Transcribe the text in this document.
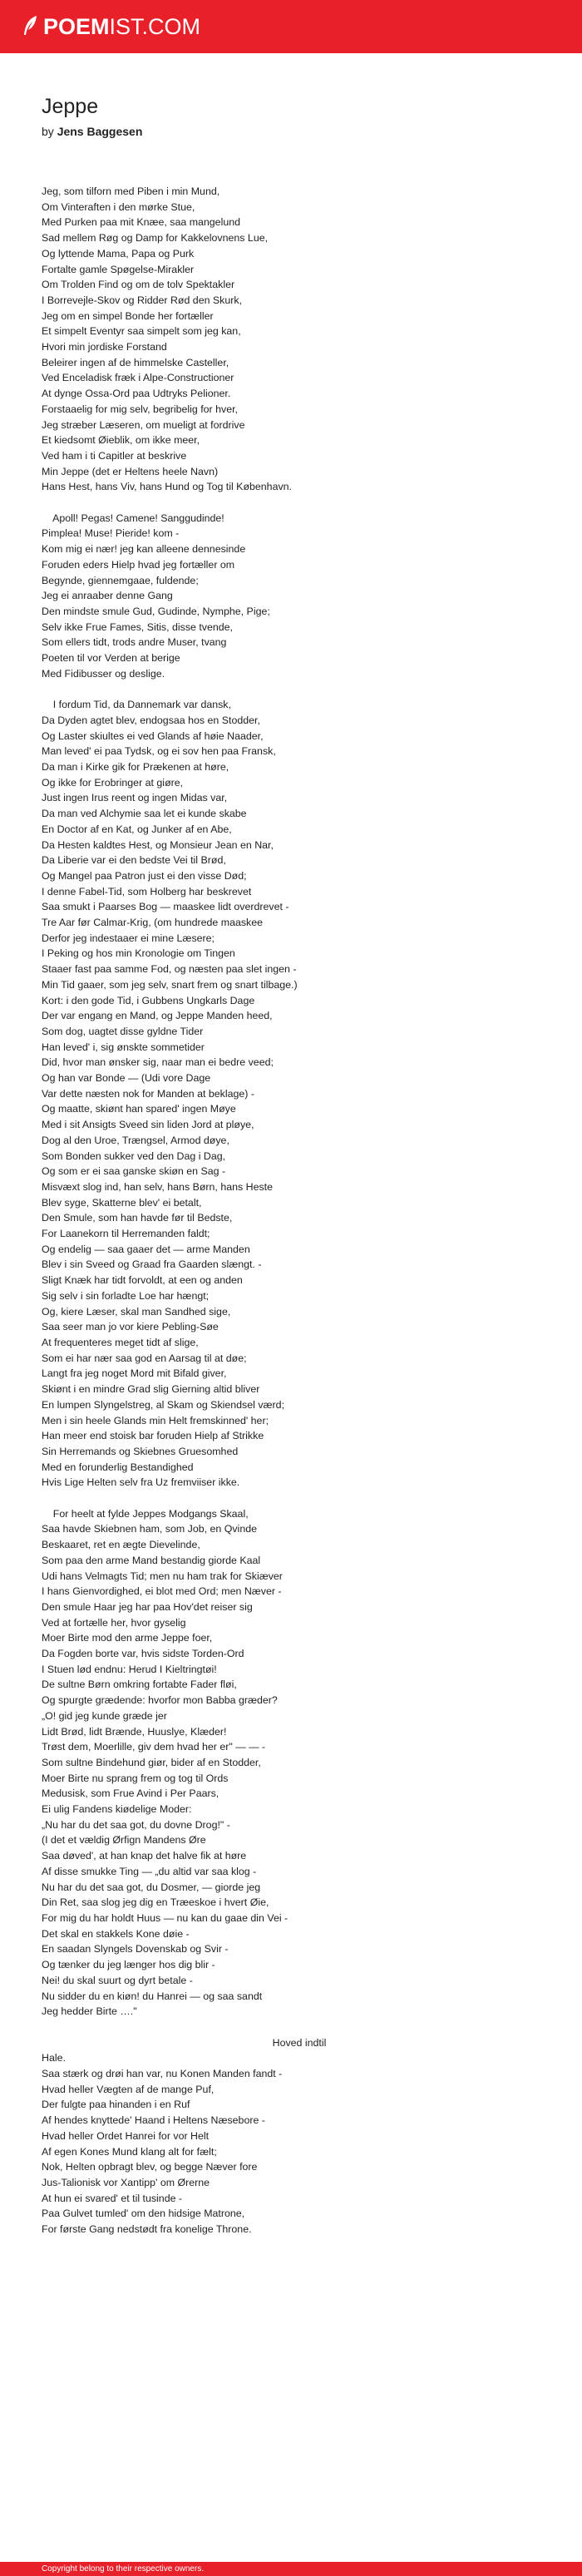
POEMIST.COM
Jeppe
by Jens Baggesen
Jeg, som tilforn med Piben i min Mund,
Om Vinteraften i den mørke Stue,
Med Purken paa mit Knæe, saa mangelund
Sad mellem Røg og Damp for Kakkelovnens Lue,
Og lyttende Mama, Papa og Purk
Fortalte gamle Spøgelse-Mirakler
Om Trolden Find og om de tolv Spektakler
I Borrevejle-Skov og Ridder Rød den Skurk,
Jeg om en simpel Bonde her fortæller
Et simpelt Eventyr saa simpelt som jeg kan,
Hvori min jordiske Forstand
Beleirer ingen af de himmelske Casteller,
Ved Enceladisk fræk i Alpe-Constructioner
At dynge Ossa-Ord paa Udtryks Pelioner.
Forstaaelig for mig selv, begribelig for hver,
Jeg stræber Læseren, om mueligt at fordrive
Et kiedsomt Øieblik, om ikke meer,
Ved ham i ti Capitler at beskrive
Min Jeppe (det er Heltens heele Navn)
Hans Hest, hans Viv, hans Hund og Tog til København.
Apoll! Pegas! Camene! Sanggudinde!
Pimplea! Muse! Pieride! kom -
Kom mig ei nær! jeg kan alleene dennesinde
Foruden eders Hielp hvad jeg fortæller om
Begynde, giennemgaae, fuldende;
Jeg ei anraaber denne Gang
Den mindste smule Gud, Gudinde, Nymphe, Pige;
Selv ikke Frue Fames, Sitis, disse tvende,
Som ellers tidt, trods andre Muser, tvang
Poeten til vor Verden at berige
Med Fidibusser og deslige.
I fordum Tid, da Dannemark var dansk,
Da Dyden agtet blev, endogsaa hos en Stodder,
Og Laster skiultes ei ved Glands af høie Naader,
Man leved' ei paa Tydsk, og ei sov hen paa Fransk,
Da man i Kirke gik for Prækenen at høre,
Og ikke for Erobringer at giøre,
Just ingen Irus reent og ingen Midas var,
Da man ved Alchymie saa let ei kunde skabe
En Doctor af en Kat, og Junker af en Abe,
Da Hesten kaldtes Hest, og Monsieur Jean en Nar,
Da Liberie var ei den bedste Vei til Brød,
Og Mangel paa Patron just ei den visse Død;
I denne Fabel-Tid, som Holberg har beskrevet
Saa smukt i Paarses Bog — maaskee lidt overdrevet -
Tre Aar før Calmar-Krig, (om hundrede maaskee
Derfor jeg indestaaer ei mine Læsere;
I Peking og hos min Kronologie om Tingen
Staaer fast paa samme Fod, og næsten paa slet ingen -
Min Tid gaaer, som jeg selv, snart frem og snart tilbage.)
Kort: i den gode Tid, i Gubbens Ungkarls Dage
Der var engang en Mand, og Jeppe Manden heed,
Som dog, uagtet disse gyldne Tider
Han leved' i, sig ønskte sommetider
Did, hvor man ønsker sig, naar man ei bedre veed;
Og han var Bonde — (Udi vore Dage
Var dette næsten nok for Manden at beklage) -
Og maatte, skiønt han spared' ingen Møye
Med i sit Ansigts Sveed sin liden Jord at pløye,
Dog al den Uroe, Trængsel, Armod døye,
Som Bonden sukker ved den Dag i Dag,
Og som er ei saa ganske skiøn en Sag -
Misvæxt slog ind, han selv, hans Børn, hans Heste
Blev syge, Skatterne blev' ei betalt,
Den Smule, som han havde før til Bedste,
For Laanekorn til Herremanden faldt;
Og endelig — saa gaaer det — arme Manden
Blev i sin Sveed og Graad fra Gaarden slængt. -
Sligt Knæk har tidt forvoldt, at een og anden
Sig selv i sin forladte Loe har hængt;
Og, kiere Læser, skal man Sandhed sige,
Saa seer man jo vor kiere Pebling-Søe
At frequenteres meget tidt af slige,
Som ei har nær saa god en Aarsag til at døe;
Langt fra jeg noget Mord mit Bifald giver,
Skiønt i en mindre Grad slig Gierning altid bliver
En lumpen Slyngelstreg, al Skam og Skiendsel værd;
Men i sin heele Glands min Helt fremskinned' her;
Han meer end stoisk bar foruden Hielp af Strikke
Sin Herremands og Skiebnes Gruesomhed
Med en forunderlig Bestandighed
Hvis Lige Helten selv fra Uz fremviiser ikke.
For heelt at fylde Jeppes Modgangs Skaal,
Saa havde Skiebnen ham, som Job, en Qvinde
Beskaaret, ret en ægte Dievelinde,
Som paa den arme Mand bestandig giorde Kaal
Udi hans Velmagts Tid; men nu ham trak for Skiæver
I hans Gienvordighed, ei blot med Ord; men Næver -
Den smule Haar jeg har paa Hov'det reiser sig
Ved at fortælle her, hvor gyselig
Moer Birte mod den arme Jeppe foer,
Da Fogden borte var, hvis sidste Torden-Ord
I Stuen lød endnu: Herud I Kieltringtøi!
De sultne Børn omkring fortabte Fader fløi,
Og spurgte grædende: hvorfor mon Babba græder?
„O! gid jeg kunde græde jer
Lidt Brød, lidt Brænde, Huuslye, Klæder!
Trøst dem, Moerlille, giv dem hvad her er" — — -
Som sultne Bindehund giør, bider af en Stodder,
Moer Birte nu sprang frem og tog til Ords
Medusisk, som Frue Avind i Per Paars,
Ei ulig Fandens kiødelige Moder:
„Nu har du det saa got, du dovne Drog!" -
(I det et vældig Ørfign Mandens Øre
Saa døved', at han knap det halve fik at høre
Af disse smukke Ting — „du altid var saa klog -
Nu har du det saa got, du Dosmer, — giorde jeg
Din Ret, saa slog jeg dig en Træeskoe i hvert Øie,
For mig du har holdt Huus — nu kan du gaae din Vei -
Det skal en stakkels Kone døie -
En saadan Slyngels Dovenskab og Svir -
Og tænker du jeg længer hos dig blir -
Nei! du skal suurt og dyrt betale -
Nu sidder du en kiøn! du Hanrei — og saa sandt
Jeg hedder Birte …."
Hoved indtil
Hale.
Saa stærk og drøi han var, nu Konen Manden fandt -
Hvad heller Vægten af de mange Puf,
Der fulgte paa hinanden i en Ruf
Af hendes knyttede' Haand i Heltens Næsebore -
Hvad heller Ordet Hanrei for vor Helt
Af egen Kones Mund klang alt for fælt;
Nok, Helten opbragt blev, og begge Næver fore
Jus-Talionisk vor Xantipp' om Ørerne
At hun ei svared' et til tusinde -
Paa Gulvet tumled' om den hidsige Matrone,
For første Gang nedstødt fra konelige Throne.
Copyright belong to their respective owners.
